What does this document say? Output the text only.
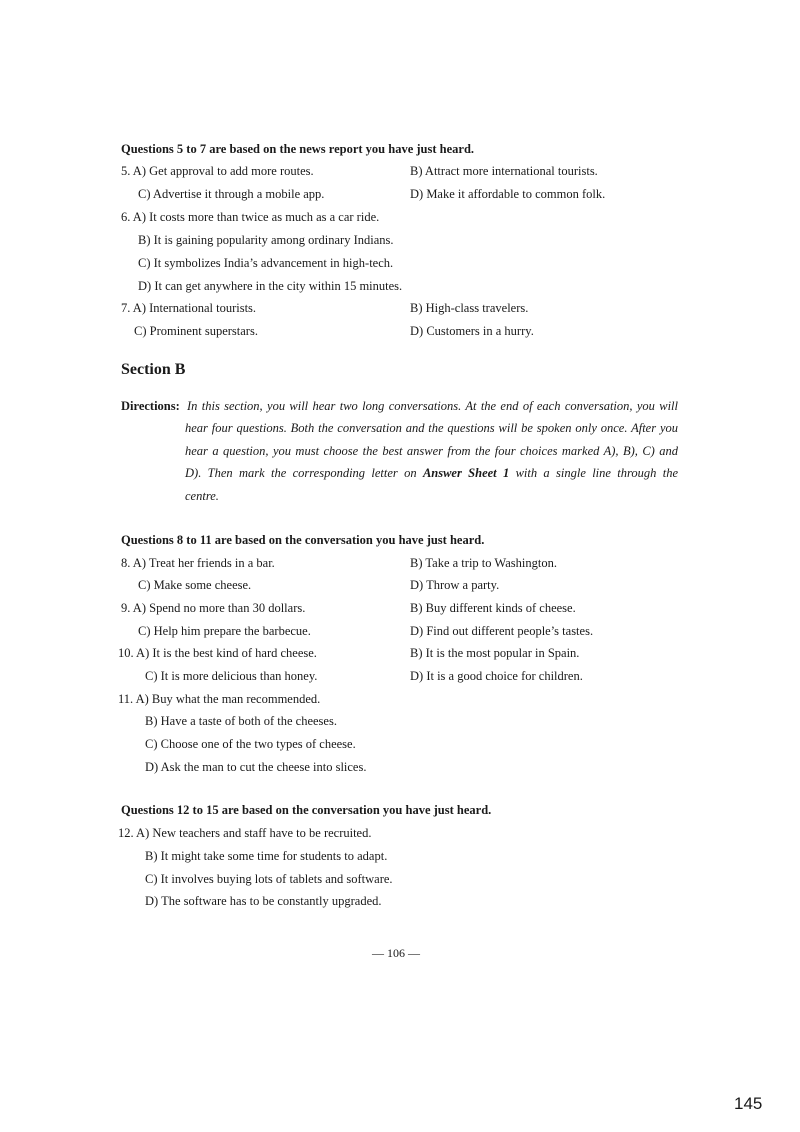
Questions 5 to 7 are based on the news report you have just heard.
5. A) Get approval to add more routes.	B) Attract more international tourists.
C) Advertise it through a mobile app.	D) Make it affordable to common folk.
6. A) It costs more than twice as much as a car ride.
B) It is gaining popularity among ordinary Indians.
C) It symbolizes India’s advancement in high-tech.
D) It can get anywhere in the city within 15 minutes.
7. A) International tourists.	B) High-class travelers.
C) Prominent superstars.	D) Customers in a hurry.
Section B
Directions: In this section, you will hear two long conversations. At the end of each conversation, you will
hear four questions. Both the conversation and the questions will be spoken only once. After you
hear a question, you must choose the best answer from the four choices marked A), B), C) and
D). Then mark the corresponding letter on Answer Sheet 1 with a single line through the
centre.
Questions 8 to 11 are based on the conversation you have just heard.
8. A) Treat her friends in a bar.	B) Take a trip to Washington.
C) Make some cheese.	D) Throw a party.
9. A) Spend no more than 30 dollars.	B) Buy different kinds of cheese.
C) Help him prepare the barbecue.	D) Find out different people’s tastes.
10. A) It is the best kind of hard cheese.	B) It is the most popular in Spain.
C) It is more delicious than honey.	D) It is a good choice for children.
11. A) Buy what the man recommended.
B) Have a taste of both of the cheeses.
C) Choose one of the two types of cheese.
D) Ask the man to cut the cheese into slices.
Questions 12 to 15 are based on the conversation you have just heard.
12. A) New teachers and staff have to be recruited.
B) It might take some time for students to adapt.
C) It involves buying lots of tablets and software.
D) The software has to be constantly upgraded.
— 106 —
145
